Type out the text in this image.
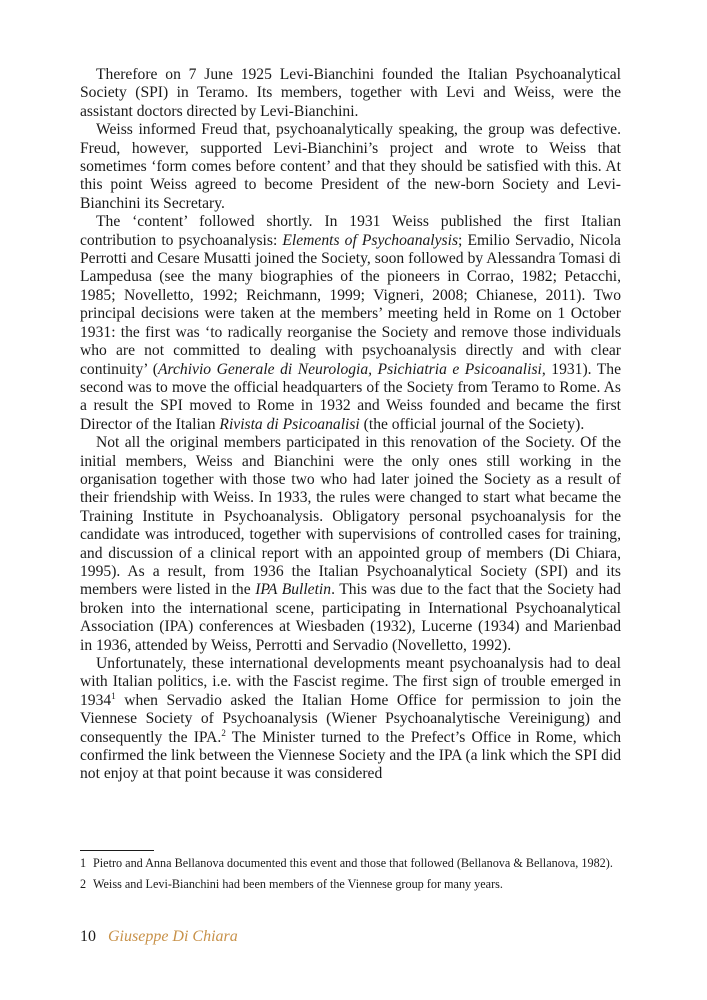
Therefore on 7 June 1925 Levi-Bianchini founded the Italian Psychoanalytical Society (SPI) in Teramo. Its members, together with Levi and Weiss, were the assistant doctors directed by Levi-Bianchini.

Weiss informed Freud that, psychoanalytically speaking, the group was defective. Freud, however, supported Levi-Bianchini’s project and wrote to Weiss that sometimes ‘form comes before content’ and that they should be satisfied with this. At this point Weiss agreed to become President of the new-born Society and Levi-Bianchini its Secretary.

The ‘content’ followed shortly. In 1931 Weiss published the first Italian contribution to psychoanalysis: Elements of Psychoanalysis; Emilio Servadio, Nicola Perrotti and Cesare Musatti joined the Society, soon followed by Alessandra Tomasi di Lampedusa (see the many biographies of the pioneers in Corrao, 1982; Petacchi, 1985; Novelletto, 1992; Reichmann, 1999; Vigneri, 2008; Chianese, 2011). Two principal decisions were taken at the members’ meeting held in Rome on 1 October 1931: the first was ‘to radically reorganise the Society and remove those individuals who are not committed to dealing with psychoanalysis directly and with clear continuity’ (Archivio Generale di Neurologia, Psichiatria e Psicoanalisi, 1931). The second was to move the official headquarters of the Society from Teramo to Rome. As a result the SPI moved to Rome in 1932 and Weiss founded and became the first Director of the Italian Rivista di Psicoanalisi (the official journal of the Society).

Not all the original members participated in this renovation of the Society. Of the initial members, Weiss and Bianchini were the only ones still working in the organisation together with those two who had later joined the Society as a result of their friendship with Weiss. In 1933, the rules were changed to start what became the Training Institute in Psychoanalysis. Obligatory personal psychoanalysis for the candidate was introduced, together with supervisions of controlled cases for training, and discussion of a clinical report with an appointed group of members (Di Chiara, 1995). As a result, from 1936 the Italian Psychoanalytical Society (SPI) and its members were listed in the IPA Bulletin. This was due to the fact that the Society had broken into the international scene, participating in International Psychoanalytical Association (IPA) conferences at Wiesbaden (1932), Lucerne (1934) and Marienbad in 1936, attended by Weiss, Perrotti and Servadio (Novelletto, 1992).

Unfortunately, these international developments meant psychoanalysis had to deal with Italian politics, i.e. with the Fascist regime. The first sign of trouble emerged in 1934$^1$ when Servadio asked the Italian Home Office for permission to join the Viennese Society of Psychoanalysis (Wiener Psychoanalytische Vereinigung) and consequently the IPA.$^2$ The Minister turned to the Prefect’s Office in Rome, which confirmed the link between the Viennese Society and the IPA (a link which the SPI did not enjoy at that point because it was considered

1 Pietro and Anna Bellanova documented this event and those that followed (Bellanova & Bellanova, 1982).
2 Weiss and Levi-Bianchini had been members of the Viennese group for many years.
10 Giuseppe Di Chiara
